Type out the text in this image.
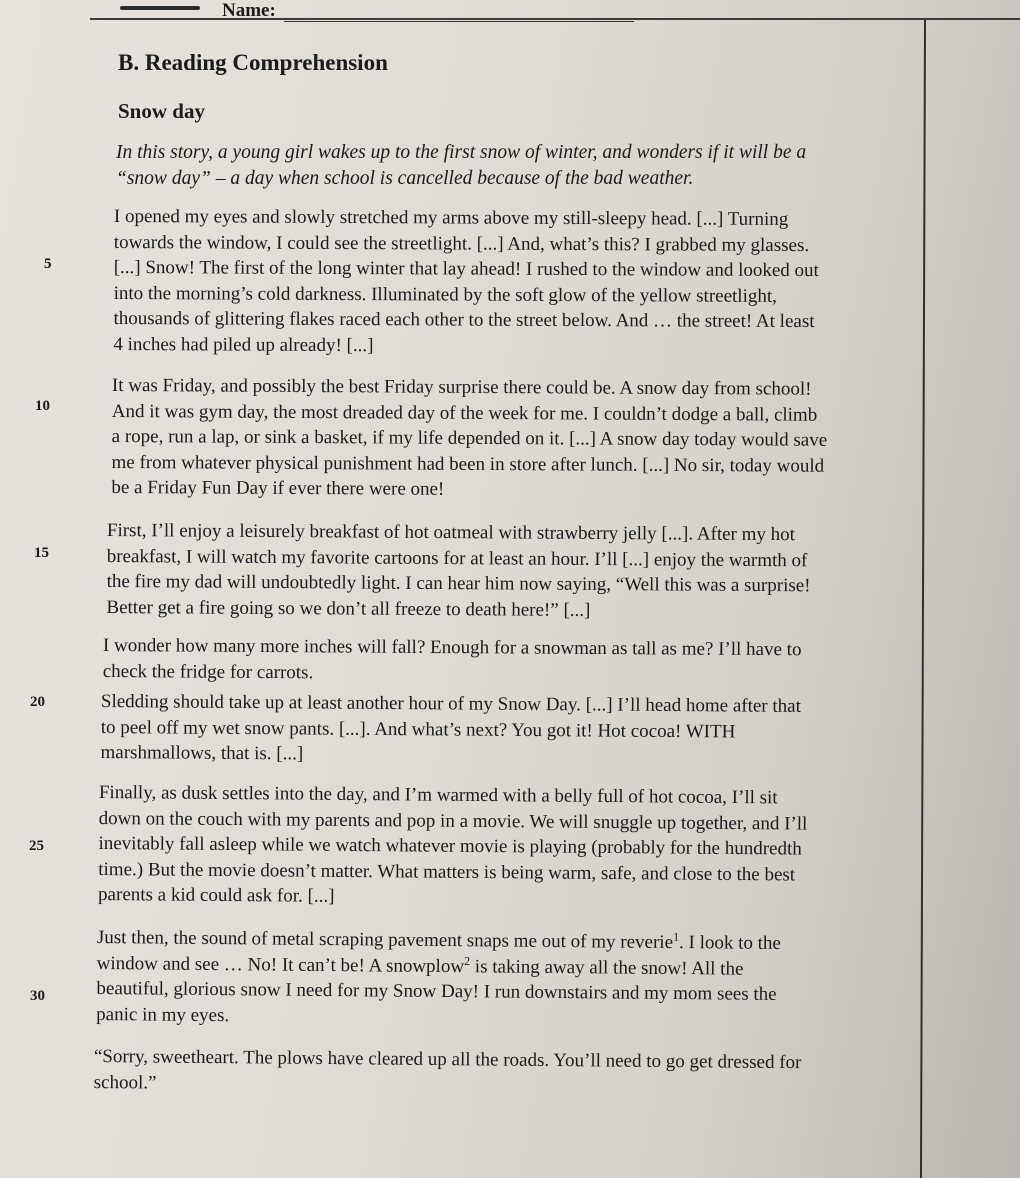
Name:
B. Reading Comprehension
Snow day

In this story, a young girl wakes up to the first snow of winter, and wonders if it will be a
“snow day” – a day when school is cancelled because of the bad weather.

I opened my eyes and slowly stretched my arms above my still-sleepy head. [...] Turning
towards the window, I could see the streetlight. [...] And, what’s this? I grabbed my glasses.
[...] Snow! The first of the long winter that lay ahead! I rushed to the window and looked out
into the morning’s cold darkness. Illuminated by the soft glow of the yellow streetlight,
thousands of glittering flakes raced each other to the street below. And … the street! At least
4 inches had piled up already! [...]

It was Friday, and possibly the best Friday surprise there could be. A snow day from school!
And it was gym day, the most dreaded day of the week for me. I couldn’t dodge a ball, climb
a rope, run a lap, or sink a basket, if my life depended on it. [...] A snow day today would save
me from whatever physical punishment had been in store after lunch. [...] No sir, today would
be a Friday Fun Day if ever there were one!

First, I’ll enjoy a leisurely breakfast of hot oatmeal with strawberry jelly [...]. After my hot
breakfast, I will watch my favorite cartoons for at least an hour. I’ll [...] enjoy the warmth of
the fire my dad will undoubtedly light. I can hear him now saying, “Well this was a surprise!
Better get a fire going so we don’t all freeze to death here!” [...]

I wonder how many more inches will fall? Enough for a snowman as tall as me? I’ll have to
check the fridge for carrots.

Sledding should take up at least another hour of my Snow Day. [...] I’ll head home after that
to peel off my wet snow pants. [...]. And what’s next? You got it! Hot cocoa! WITH
marshmallows, that is. [...]

Finally, as dusk settles into the day, and I’m warmed with a belly full of hot cocoa, I’ll sit
down on the couch with my parents and pop in a movie. We will snuggle up together, and I’ll
inevitably fall asleep while we watch whatever movie is playing (probably for the hundredth
time.) But the movie doesn’t matter. What matters is being warm, safe, and close to the best
parents a kid could ask for. [...]

Just then, the sound of metal scraping pavement snaps me out of my reverie$^1$. I look to the
window and see … No! It can’t be! A snowplow$^2$ is taking away all the snow! All the
beautiful, glorious snow I need for my Snow Day! I run downstairs and my mom sees the
panic in my eyes.

“Sorry, sweetheart. The plows have cleared up all the roads. You’ll need to go get dressed for
school.”

5
10
15
20
25
30
